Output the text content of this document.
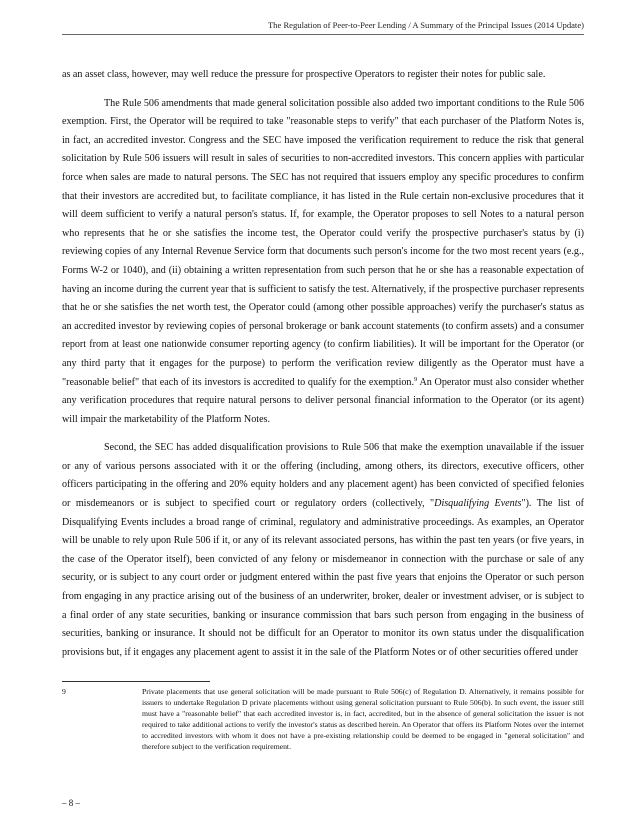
The Regulation of Peer-to-Peer Lending / A Summary of the Principal Issues (2014 Update)

as an asset class, however, may well reduce the pressure for prospective Operators to register their notes for public sale.

The Rule 506 amendments that made general solicitation possible also added two important conditions to the Rule 506 exemption. First, the Operator will be required to take "reasonable steps to verify" that each purchaser of the Platform Notes is, in fact, an accredited investor. Congress and the SEC have imposed the verification requirement to reduce the risk that general solicitation by Rule 506 issuers will result in sales of securities to non-accredited investors. This concern applies with particular force when sales are made to natural persons. The SEC has not required that issuers employ any specific procedures to confirm that their investors are accredited but, to facilitate compliance, it has listed in the Rule certain non-exclusive procedures that it will deem sufficient to verify a natural person's status. If, for example, the Operator proposes to sell Notes to a natural person who represents that he or she satisfies the income test, the Operator could verify the prospective purchaser's status by (i) reviewing copies of any Internal Revenue Service form that documents such person's income for the two most recent years (e.g., Forms W-2 or 1040), and (ii) obtaining a written representation from such person that he or she has a reasonable expectation of having an income during the current year that is sufficient to satisfy the test. Alternatively, if the prospective purchaser represents that he or she satisfies the net worth test, the Operator could (among other possible approaches) verify the purchaser's status as an accredited investor by reviewing copies of personal brokerage or bank account statements (to confirm assets) and a consumer report from at least one nationwide consumer reporting agency (to confirm liabilities). It will be important for the Operator (or any third party that it engages for the purpose) to perform the verification review diligently as the Operator must have a "reasonable belief" that each of its investors is accredited to qualify for the exemption.$^9$ An Operator must also consider whether any verification procedures that require natural persons to deliver personal financial information to the Operator (or its agent) will impair the marketability of the Platform Notes.

Second, the SEC has added disqualification provisions to Rule 506 that make the exemption unavailable if the issuer or any of various persons associated with it or the offering (including, among others, its directors, executive officers, other officers participating in the offering and 20% equity holders and any placement agent) has been convicted of specified felonies or misdemeanors or is subject to specified court or regulatory orders (collectively, "Disqualifying Events"). The list of Disqualifying Events includes a broad range of criminal, regulatory and administrative proceedings. As examples, an Operator will be unable to rely upon Rule 506 if it, or any of its relevant associated persons, has within the past ten years (or five years, in the case of the Operator itself), been convicted of any felony or misdemeanor in connection with the purchase or sale of any security, or is subject to any court order or judgment entered within the past five years that enjoins the Operator or such person from engaging in any practice arising out of the business of an underwriter, broker, dealer or investment adviser, or is subject to a final order of any state securities, banking or insurance commission that bars such person from engaging in the business of securities, banking or insurance. It should not be difficult for an Operator to monitor its own status under the disqualification provisions but, if it engages any placement agent to assist it in the sale of the Platform Notes or of other securities offered under

9	Private placements that use general solicitation will be made pursuant to Rule 506(c) of Regulation D. Alternatively, it remains possible for issuers to undertake Regulation D private placements without using general solicitation pursuant to Rule 506(b). In such event, the issuer still must have a "reasonable belief" that each accredited investor is, in fact, accredited, but in the absence of general solicitation the issuer is not required to take additional actions to verify the investor's status as described herein. An Operator that offers its Platform Notes over the internet to accredited investors with whom it does not have a pre-existing relationship could be deemed to be engaged in "general solicitation" and therefore subject to the verification requirement.
– 8 –
